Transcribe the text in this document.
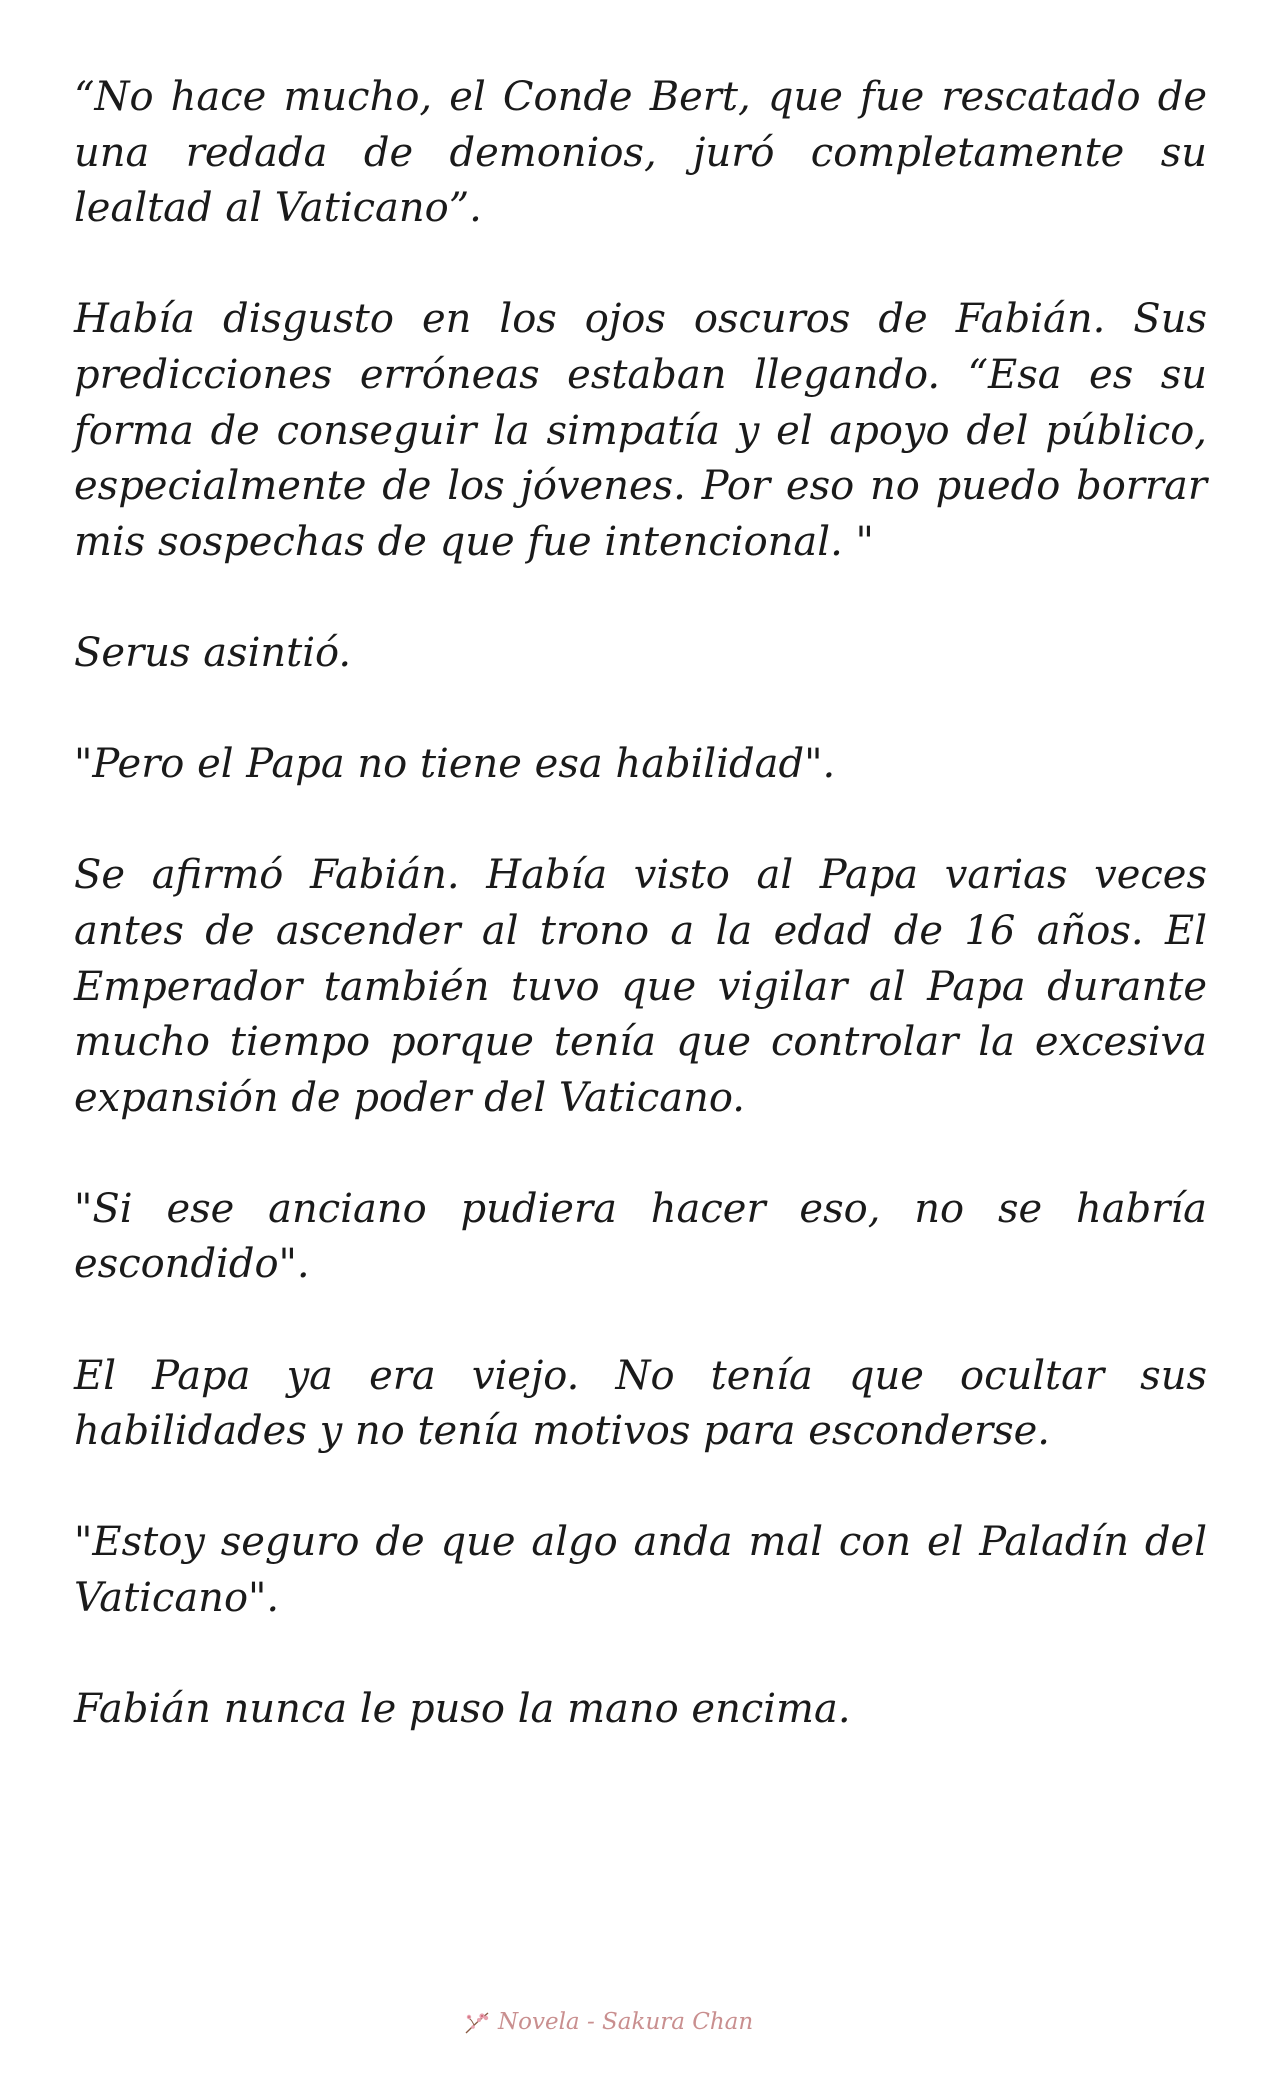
“No hace mucho, el Conde Bert, que fue rescatado de una redada de demonios, juró completamente su lealtad al Vaticano”.

Había disgusto en los ojos oscuros de Fabián. Sus predicciones erróneas estaban llegando. “Esa es su forma de conseguir la simpatía y el apoyo del público, especialmente de los jóvenes. Por eso no puedo borrar mis sospechas de que fue intencional. "

Serus asintió.

"Pero el Papa no tiene esa habilidad".

Se afirmó Fabián. Había visto al Papa varias veces antes de ascender al trono a la edad de 16 años. El Emperador también tuvo que vigilar al Papa durante mucho tiempo porque tenía que controlar la excesiva expansión de poder del Vaticano.

"Si ese anciano pudiera hacer eso, no se habría escondido".

El Papa ya era viejo. No tenía que ocultar sus habilidades y no tenía motivos para esconderse.

"Estoy seguro de que algo anda mal con el Paladín del Vaticano".

Fabián nunca le puso la mano encima.

Novela - Sakura Chan
